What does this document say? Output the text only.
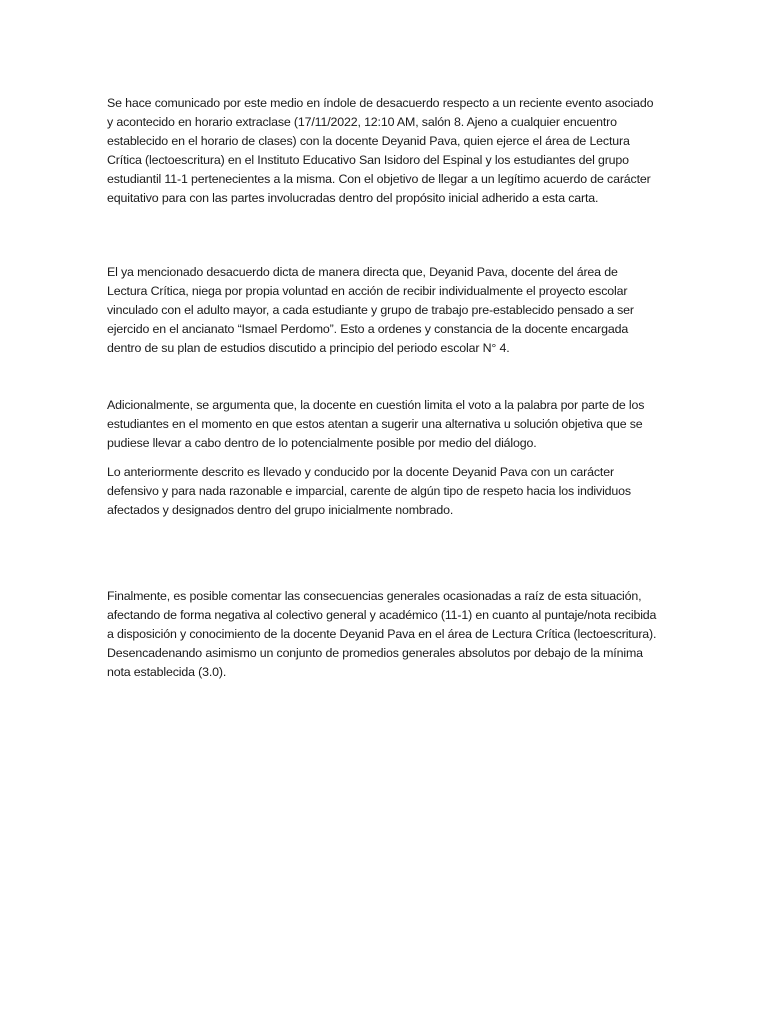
Se hace comunicado por este medio en índole de desacuerdo respecto a un reciente evento asociado y acontecido en horario extraclase (17/11/2022, 12:10 AM, salón 8. Ajeno a cualquier encuentro establecido en el horario de clases) con la docente Deyanid Pava, quien ejerce el área de Lectura Crítica (lectoescritura) en el Instituto Educativo San Isidoro del Espinal y los estudiantes del grupo estudiantil 11-1 pertenecientes a la misma. Con el objetivo de llegar a un legítimo acuerdo de carácter equitativo para con las partes involucradas dentro del propósito inicial adherido a esta carta.

El ya mencionado desacuerdo dicta de manera directa que, Deyanid Pava, docente del área de Lectura Crítica, niega por propia voluntad en acción de recibir individualmente el proyecto escolar vinculado con el adulto mayor, a cada estudiante y grupo de trabajo pre-establecido pensado a ser ejercido en el ancianato “Ismael Perdomo”. Esto a ordenes y constancia de la docente encargada dentro de su plan de estudios discutido a principio del periodo escolar N° 4.

Adicionalmente, se argumenta que, la docente en cuestión limita el voto a la palabra por parte de los estudiantes en el momento en que estos atentan a sugerir una alternativa u solución objetiva que se pudiese llevar a cabo dentro de lo potencialmente posible por medio del diálogo.

Lo anteriormente descrito es llevado y conducido por la docente Deyanid Pava con un carácter defensivo y para nada razonable e imparcial, carente de algún tipo de respeto hacia los individuos afectados y designados dentro del grupo inicialmente nombrado.

Finalmente, es posible comentar las consecuencias generales ocasionadas a raíz de esta situación, afectando de forma negativa al colectivo general y académico (11-1) en cuanto al puntaje/nota recibida a disposición y conocimiento de la docente Deyanid Pava en el área de Lectura Crítica (lectoescritura). Desencadenando asimismo un conjunto de promedios generales absolutos por debajo de la mínima nota establecida (3.0).
